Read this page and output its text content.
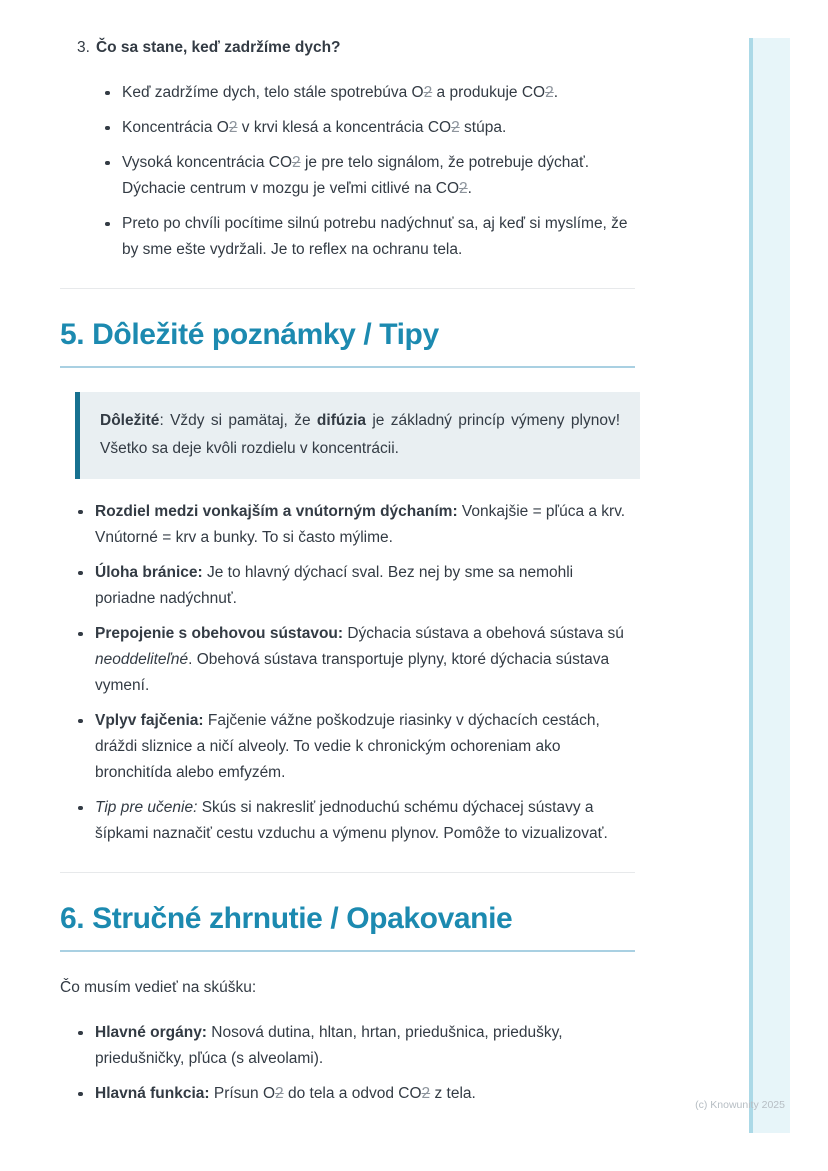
3. Čo sa stane, keď zadržíme dych?
Keď zadržíme dych, telo stále spotrebúva O2 a produkuje CO2.
Koncentrácia O2 v krvi klesá a koncentrácia CO2 stúpa.
Vysoká koncentrácia CO2 je pre telo signálom, že potrebuje dýchať. Dýchacie centrum v mozgu je veľmi citlivé na CO2.
Preto po chvíli pocítime silnú potrebu nadýchnuť sa, aj keď si myslíme, že by sme ešte vydržali. Je to reflex na ochranu tela.
5. Dôležité poznámky / Tipy

Dôležité: Vždy si pamätaj, že difúzia je základný princíp výmeny plynov! Všetko sa deje kvôli rozdielu v koncentrácii.

Rozdiel medzi vonkajším a vnútorným dýchaním: Vonkajšie = pľúca a krv. Vnútorné = krv a bunky. To si často mýlime.
Úloha bránice: Je to hlavný dýchací sval. Bez nej by sme sa nemohli poriadne nadýchnuť.
Prepojenie s obehovou sústavou: Dýchacia sústava a obehová sústava sú neoddeliteľné. Obehová sústava transportuje plyny, ktoré dýchacia sústava vymení.
Vplyv fajčenia: Fajčenie vážne poškodzuje riasinky v dýchacích cestách, dráždi sliznice a ničí alveoly. To vedie k chronickým ochoreniam ako bronchitída alebo emfyzém.
Tip pre učenie: Skús si nakresliť jednoduchú schému dýchacej sústavy a šípkami naznačiť cestu vzduchu a výmenu plynov. Pomôže to vizualizovať.
6. Stručné zhrnutie / Opakovanie

Čo musím vedieť na skúšku:

Hlavné orgány: Nosová dutina, hltan, hrtan, priedušnica, priedušky, priedušničky, pľúca (s alveolami).
Hlavná funkcia: Prísun O2 do tela a odvod CO2 z tela.
(c) Knowunity 2025
